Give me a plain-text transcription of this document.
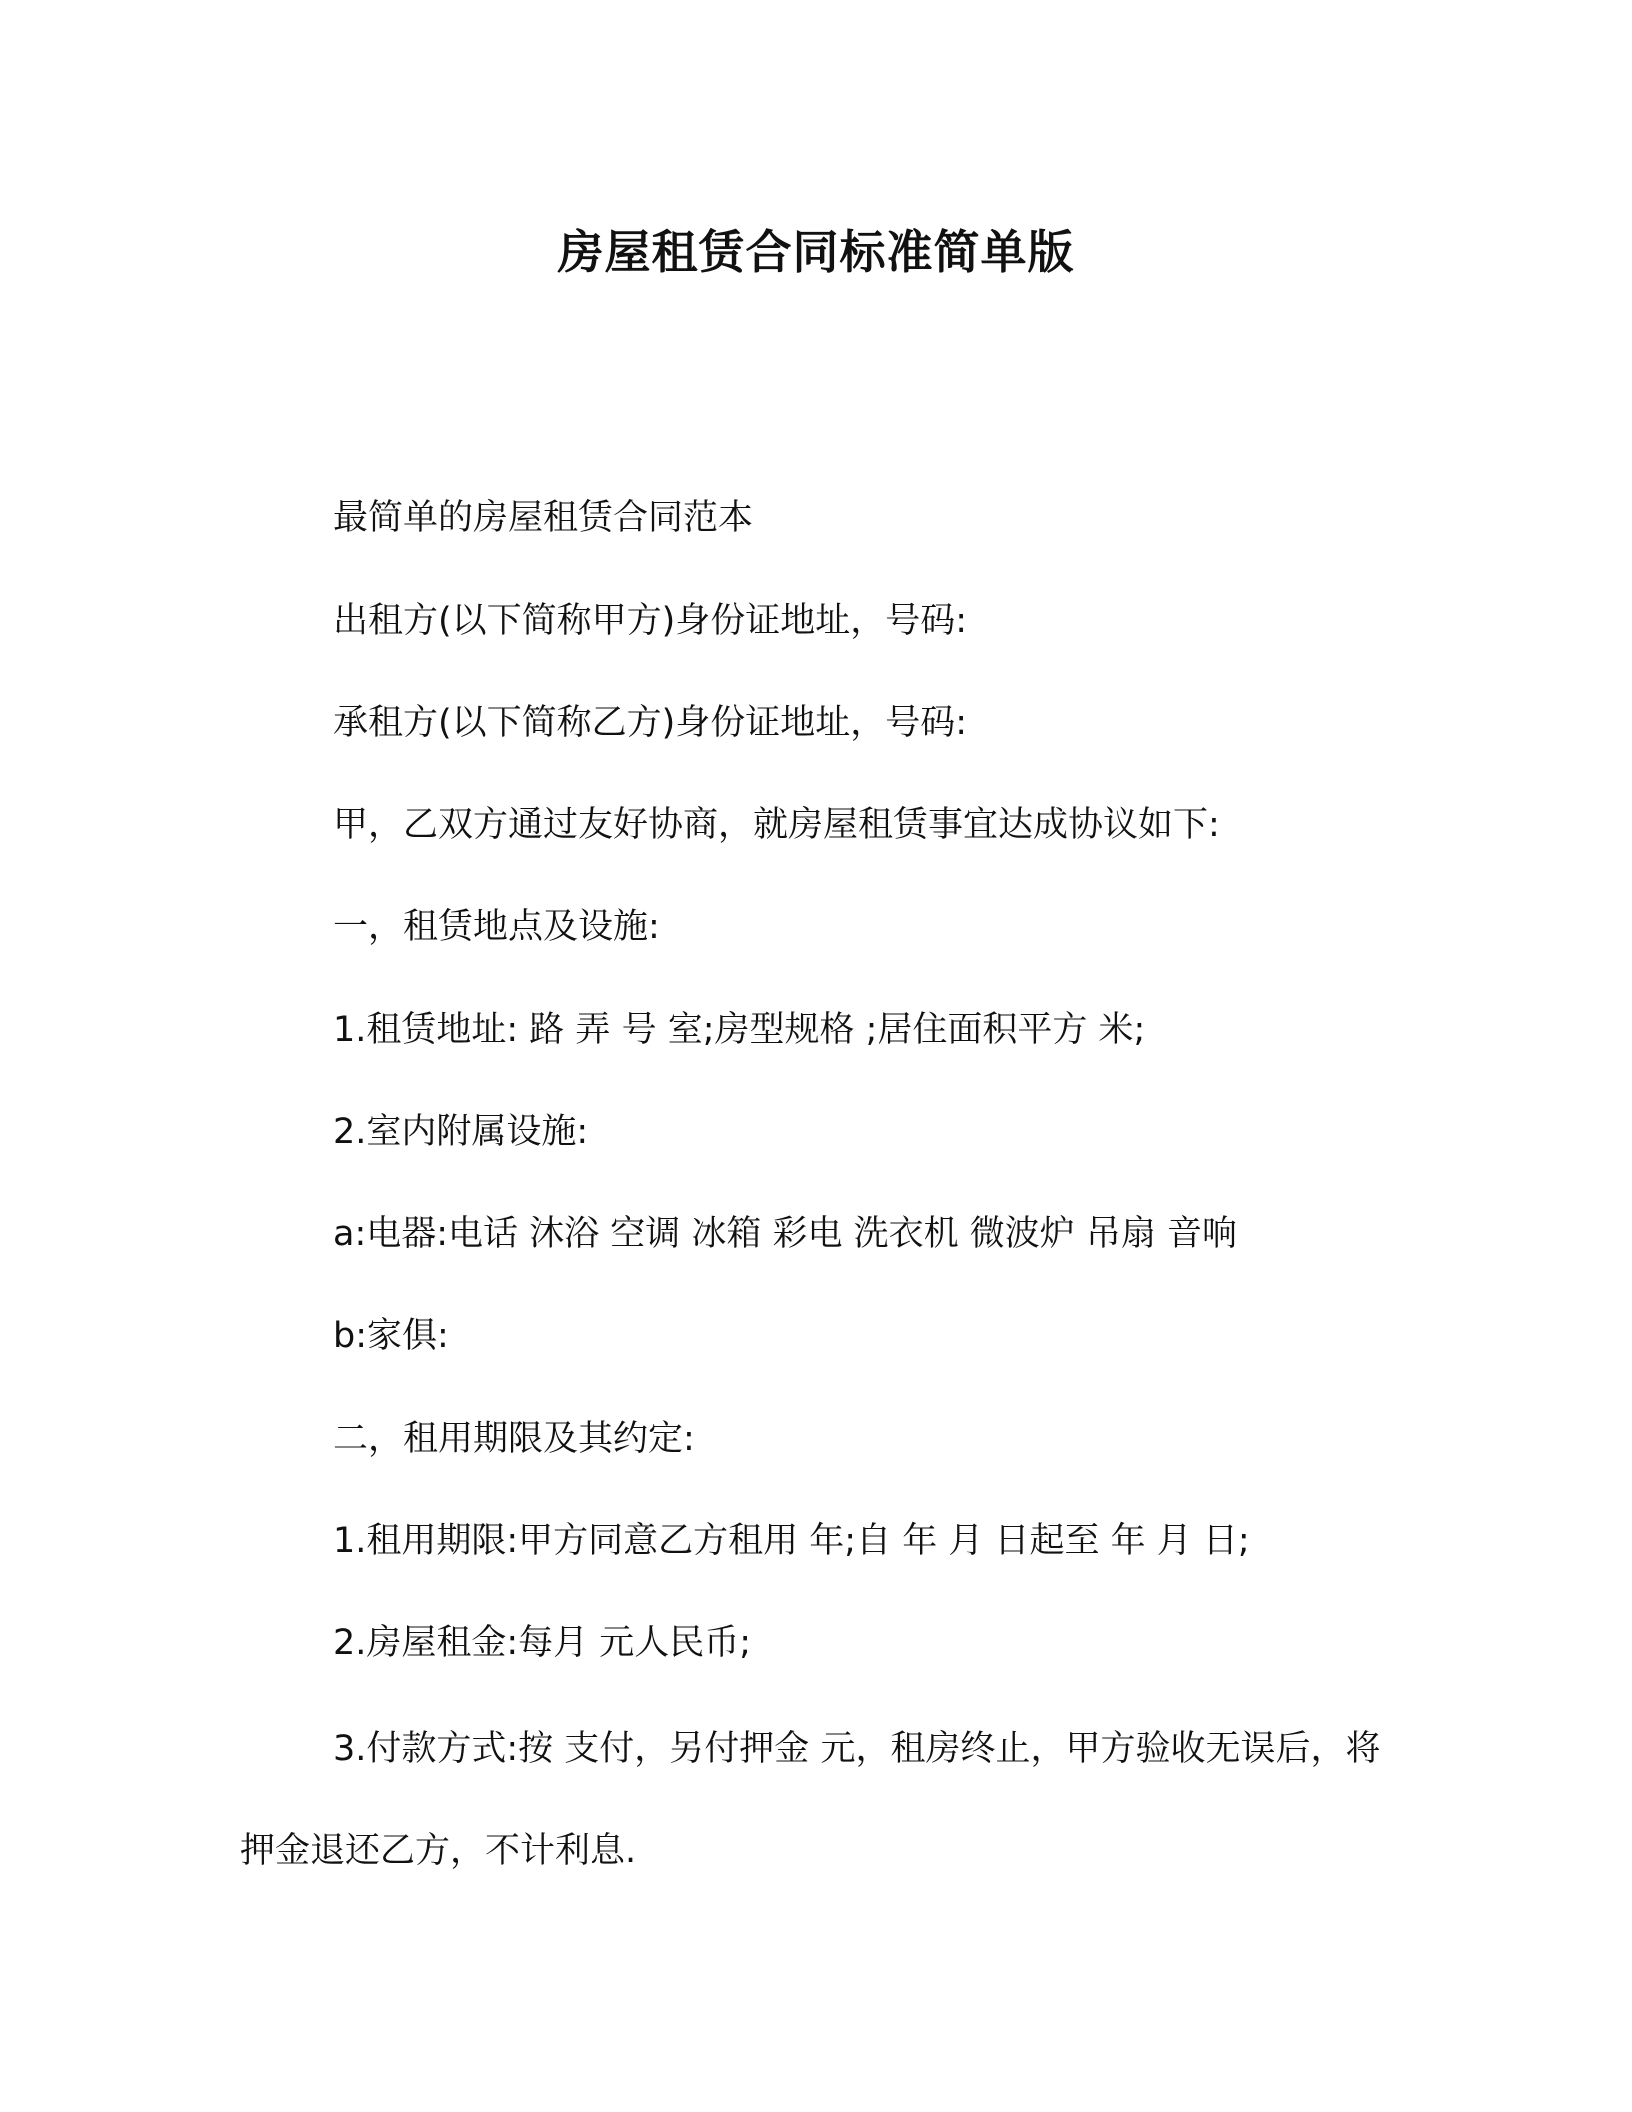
房屋租赁合同标准简单版
最简单的房屋租赁合同范本
出租方(以下简称甲方)身份证地址，号码:
承租方(以下简称乙方)身份证地址，号码:
甲，乙双方通过友好协商，就房屋租赁事宜达成协议如下:
一，租赁地点及设施:
1.租赁地址: 路 弄 号 室;房型规格 ;居住面积平方 米;
2.室内附属设施:
a:电器:电话 沐浴 空调 冰箱 彩电 洗衣机 微波炉 吊扇 音响
b:家俱:
二，租用期限及其约定:
1.租用期限:甲方同意乙方租用 年;自 年 月 日起至 年 月 日;
2.房屋租金:每月 元人民币;
3.付款方式:按 支付，另付押金 元，租房终止，甲方验收无误后，将押金退还乙方，不计利息.
